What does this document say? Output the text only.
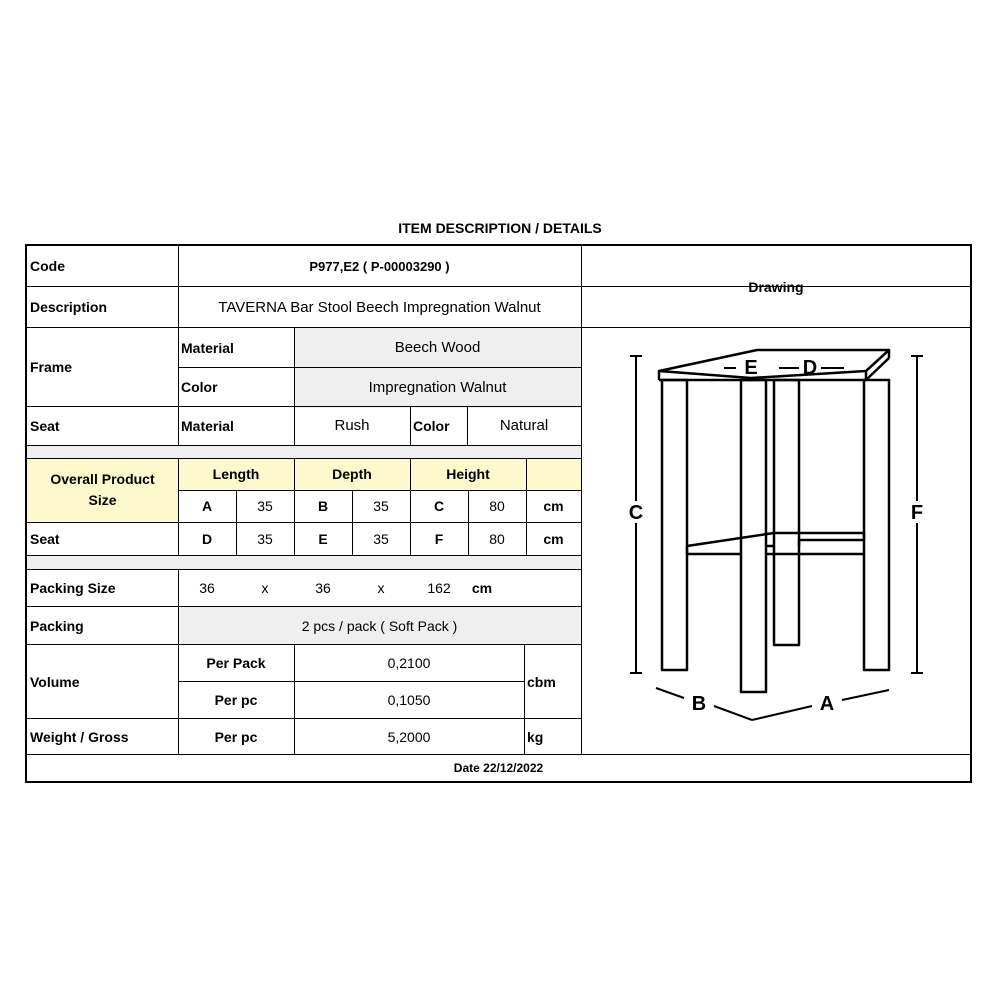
ITEM DESCRIPTION / DETAILS
Code	P977,E2 ( P-00003290 )
Description	TAVERNA Bar Stool Beech Impregnation Walnut
Drawing
Frame
Material	Beech Wood
Color	Impregnation Walnut
Seat	Material	Rush	Color	Natural
Overall Product Size
Length	Depth	Height
A	35	B	35	C	80	cm
Seat	D	35	E	35	F	80	cm
Packing Size	36	x	36	x	162	cm
Packing	2 pcs / pack ( Soft Pack )
Volume
Per Pack	0,2100
Per pc	0,1050
cbm
Weight / Gross	Per pc	5,2000	kg
Date 22/12/2022
C	F
B	A
E D
